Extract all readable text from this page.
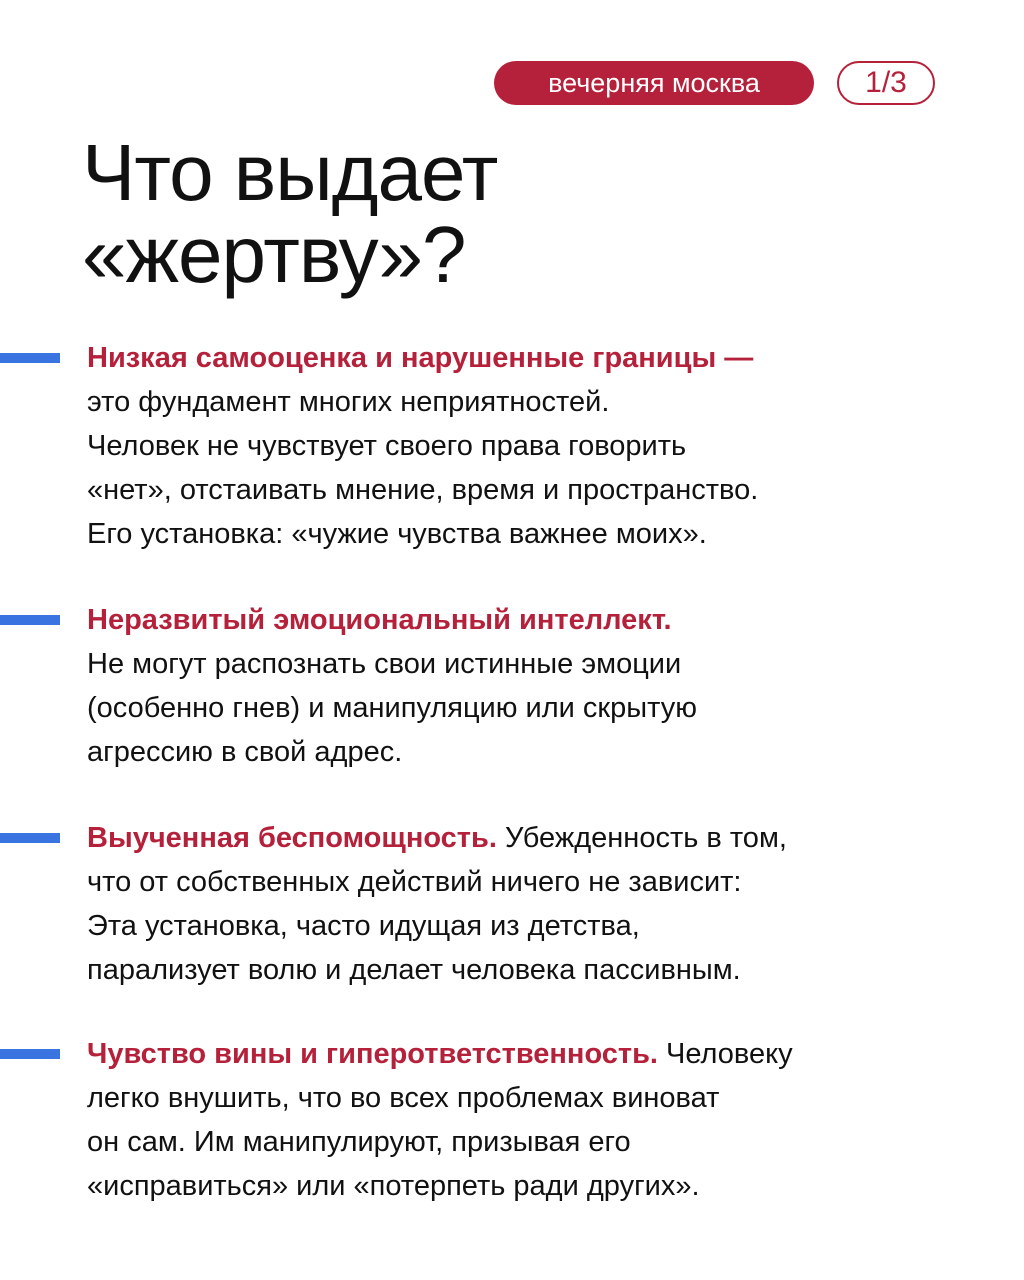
вечерняя москва	1/3
Что выдает
«жертву»?
Низкая самооценка и нарушенные границы —
это фундамент многих неприятностей.
Человек не чувствует своего права говорить
«нет», отстаивать мнение, время и пространство.
Его установка: «чужие чувства важнее моих».
Неразвитый эмоциональный интеллект.
Не могут распознать свои истинные эмоции
(особенно гнев) и манипуляцию или скрытую
агрессию в свой адрес.
Выученная беспомощность. Убежденность в том,
что от собственных действий ничего не зависит:
Эта установка, часто идущая из детства,
парализует волю и делает человека пассивным.
Чувство вины и гиперответственность. Человеку
легко внушить, что во всех проблемах виноват
он сам. Им манипулируют, призывая его
«исправиться» или «потерпеть ради других».
